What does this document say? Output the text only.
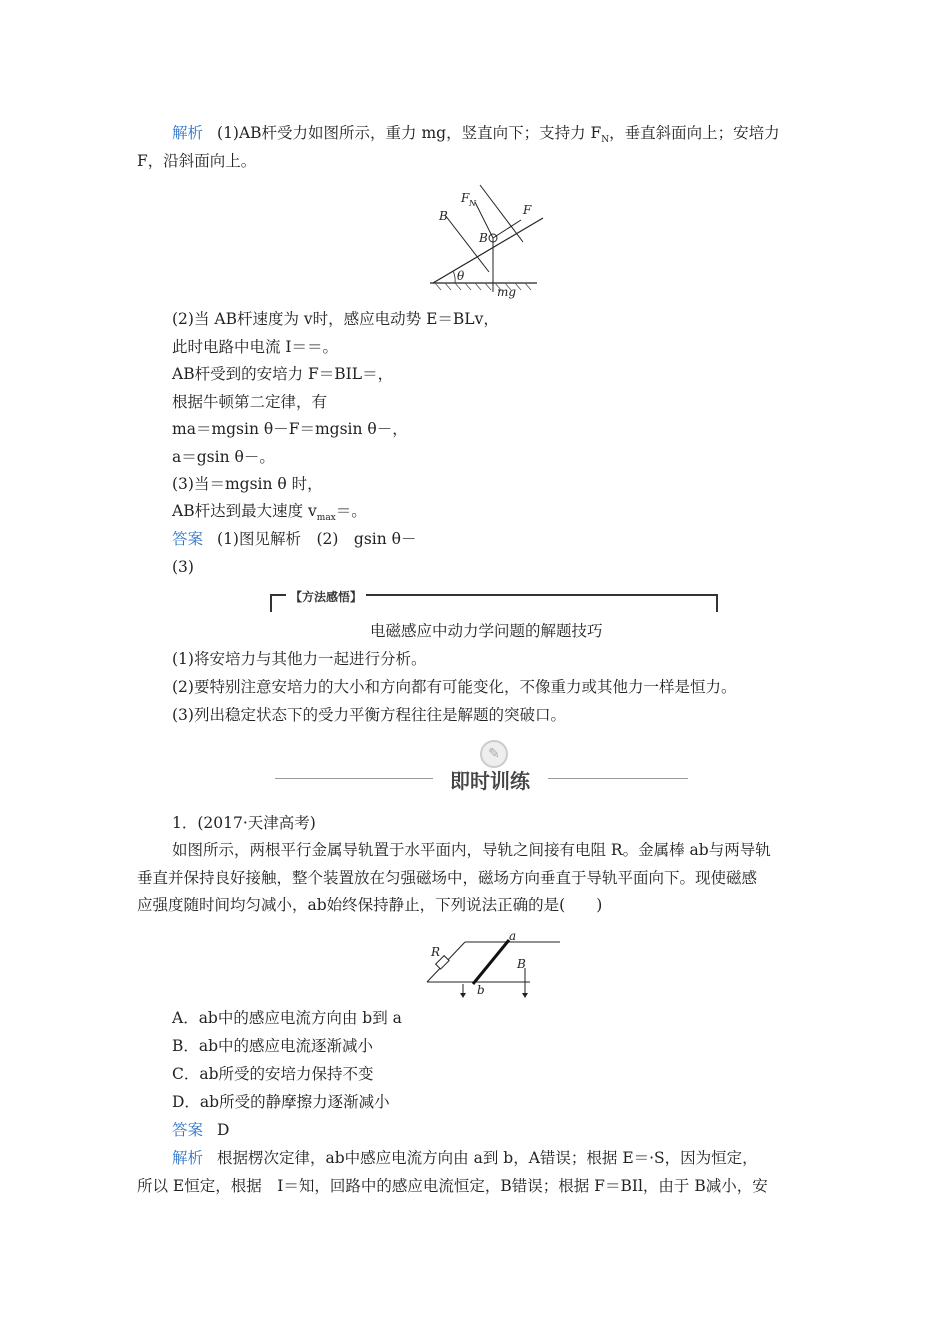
解析 (1)AB杆受力如图所示，重力 mg，竖直向下；支持力 $F_N$，垂直斜面向上；安培力
F，沿斜面向上。
F N	F
B
B
θ
mg
(2)当 AB杆速度为 v时，感应电动势 E＝BLv，
此时电路中电流 I＝＝。
AB杆受到的安培力 F＝BIL＝，
根据牛顿第二定律，有
ma＝mgsin θ－F＝mgsin θ－，
a＝gsin θ－。
(3)当＝mgsin θ 时，
AB杆达到最大速度 $v_{max}=$。
答案 (1)图见解析　(2)　gsin θ－
(3)
【方法感悟】
电磁感应中动力学问题的解题技巧
(1)将安培力与其他力一起进行分析。
(2)要特别注意安培力的大小和方向都有可能变化，不像重力或其他力一样是恒力。
(3)列出稳定状态下的受力平衡方程往往是解题的突破口。
✎
即时训练
1．(2017·天津高考)
如图所示，两根平行金属导轨置于水平面内，导轨之间接有电阻 R。金属棒 ab与两导轨
垂直并保持良好接触，整个装置放在匀强磁场中，磁场方向垂直于导轨平面向下。现使磁感
应强度随时间均匀减小，ab始终保持静止，下列说法正确的是(　　)
R
a
B
b
A．ab中的感应电流方向由 b到 a
B．ab中的感应电流逐渐减小
C．ab所受的安培力保持不变
D．ab所受的静摩擦力逐渐减小
答案 D
解析 根据楞次定律，ab中感应电流方向由 a到 b，A错误；根据 E＝·S，因为恒定，
所以 E恒定，根据　I＝知，回路中的感应电流恒定，B错误；根据 F＝BIl，由于 B减小，安
